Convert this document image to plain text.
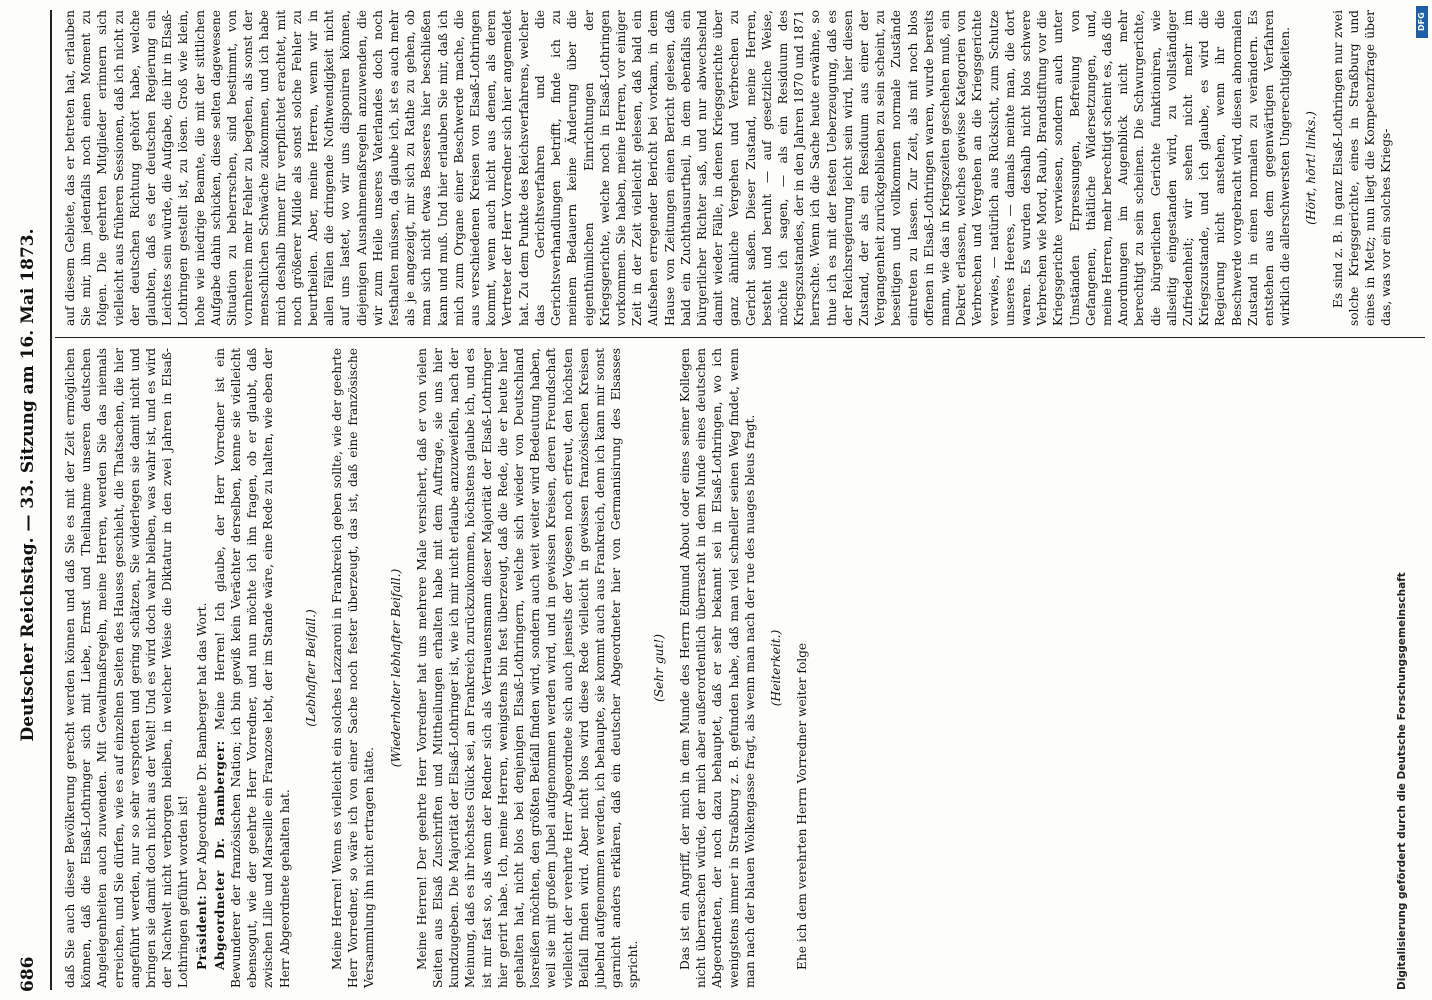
686
Deutscher Reichstag. — 33. Sitzung am 16. Mai 1873.	daß Sie auch dieser Bevölkerung gerecht werden können und daß Sie es mit der Zeit ermöglichen können, daß die Elsaß-Lothringer sich mit Liebe, Ernst und Theilnahme unseren deutschen Angelegenheiten auch zuwenden. Mit Gewaltmaßregeln, meine Herren, werden Sie das niemals erreichen, und Sie dürfen, wie es auf einzelnen Seiten des Hauses geschieht, die Thatsachen, die hier angeführt werden, nur so sehr verspotten und gering schätzen, Sie widerlegen sie damit nicht und bringen sie damit doch nicht aus der Welt! Und es wird doch wahr bleiben, was wahr ist, und es wird der Nachwelt nicht verborgen bleiben, in welcher Weise die Diktatur in den zwei Jahren in Elsaß-Lothringen geführt worden ist! Präsident: Der Abgeordnete Dr. Bamberger hat das Wort. Abgeordneter Dr. Bamberger: Meine Herren! Ich glaube, der Herr Vorredner ist ein Bewunderer der französischen Nation; ich bin gewiß kein Verächter derselben, kenne sie vielleicht ebensogut, wie der geehrte Herr Vorredner, und nun möchte ich ihn fragen, ob er glaubt, daß zwischen Lille und Marseille ein Franzose lebt, der im Stande wäre, eine Rede zu halten, wie eben der Herr Abgeordnete gehalten hat.

(Lebhafter Beifall.) Meine Herren! Wenn es vielleicht ein solches Lazzaroni in Frankreich geben sollte, wie der geehrte Herr Vorredner, so wäre ich von einer Sache noch fester überzeugt, das ist, daß eine französische Versammlung ihn nicht ertragen hätte.

(Wiederholter lebhafter Beifall.) Meine Herren! Der geehrte Herr Vorredner hat uns mehrere Male versichert, daß er von vielen Seiten aus Elsaß Zuschriften und Mittheilungen erhalten habe mit dem Auftrage, sie uns hier kundzugeben. Die Majorität der Elsaß-Lothringer ist, wie ich mir nicht erlaube anzuzweifeln, nach der Meinung, daß es ihr höchstes Glück sei, an Frankreich zurückzukommen, höchstens glaube ich, und es ist mir fast so, als wenn der Redner sich als Vertrauensmann dieser Majorität der Elsaß-Lothringer hier gerirt habe. Ich, meine Herren, wenigstens bin fest überzeugt, daß die Rede, die er heute hier gehalten hat, nicht blos bei denjenigen Elsaß-Lothringern, welche sich wieder von Deutschland losreißen möchten, den größten Beifall finden wird, sondern auch weit weiter wird Bedeutung haben, weil sie mit großem Jubel aufgenommen werden wird, und in gewissen Kreisen, deren Freundschaft vielleicht der verehrte Herr Abgeordnete sich auch jenseits der Vogesen noch erfreut, den höchsten Beifall finden wird. Aber nicht blos wird diese Rede vielleicht in gewissen französischen Kreisen jubelnd aufgenommen werden, ich behaupte, sie kommt auch aus Frankreich, denn ich kann mir sonst garnicht anders erklären, daß ein deutscher Abgeordneter hier von Germanisirung des Elsasses spricht.

(Sehr gut!) Das ist ein Angriff, der mich in dem Munde des Herrn Edmund About oder eines seiner Kollegen nicht überraschen würde, der mich aber außerordentlich überrascht in dem Munde eines deutschen Abgeordneten, der noch dazu behauptet, daß er sehr bekannt sei in Elsaß-Lothringen, wo ich wenigstens immer in Straßburg z. B. gefunden habe, daß man viel schneller seinen Weg findet, wenn man nach der blauen Wolkengasse fragt, als wenn man nach der rue des nuages bleus fragt. (Heiterkeit.) Ehe ich dem verehrten Herrn Vorredner weiter folge

auf diesem Gebiete, das er betreten hat, erlauben Sie mir, ihm jedenfalls noch einen Moment zu folgen. Die geehrten Mitglieder erinnern sich vielleicht aus früheren Sessionen, daß ich nicht zu der deutschen Richtung gehört habe, welche glaubten, daß es der deutschen Regierung ein Leichtes sein würde, die Aufgabe, die ihr in Elsaß-Lothringen gestellt ist, zu lösen. Groß wie klein, hohe wie niedrige Beamte, die mit der sittlichen Aufgabe dahin schicken, diese selten dagewesene Situation zu beherrschen, sind bestimmt, von vornherein mehr Fehler zu begehen, als sonst der menschlichen Schwäche zukommen, und ich habe mich deshalb immer für verpflichtet erachtet, mit noch größerer Milde als sonst solche Fehler zu beurtheilen. Aber, meine Herren, wenn wir in allen Fällen die dringende Nothwendigkeit nicht auf uns lastet, wo wir uns disponiren können, diejenigen Ausnahmemaßregeln anzuwenden, die wir zum Heile unseres Vaterlandes doch noch festhalten müssen, da glaube ich, ist es auch mehr als je angezeigt, mir sich zu Rathe zu gehen, ob man sich nicht etwas Besseres hier beschließen kann und muß. Und hier erlauben Sie mir, daß ich mich zum Organe einer Beschwerde mache, die aus verschiedenen Kreisen von Elsaß-Lothringen kommt, wenn auch nicht aus denen, als deren Vertreter der Herr Vorredner sich hier angemeldet hat. Zu dem Punkte des Reichsverfahrens, welcher das Gerichtsverfahren und die Gerichtsverhandlungen betrifft, finde ich zu meinem Bedauern keine Änderung über die eigenthümlichen Einrichtungen der Kriegsgerichte, welche noch in Elsaß-Lothringen vorkommen. Sie haben, meine Herren, vor einiger Zeit in der Zeit vielleicht gelesen, daß bald ein Aufsehen erregender Bericht bei vorkam, in dem Hause von Zeitungen einen Bericht gelesen, daß bald ein Zuchthausurtheil, in dem ebenfalls ein bürgerlicher Richter saß, und nur abwechselnd damit wieder Fälle, in denen Kriegsgerichte über ganz ähnliche Vergehen und Verbrechen zu Gericht saßen. Dieser Zustand, meine Herren, besteht und beruht — auf gesetzliche Weise, möchte ich sagen, — als ein Residuum des Kriegszustandes, der in den Jahren 1870 und 1871 herrschte. Wenn ich die Sache heute erwähne, so thue ich es mit der festen Ueberzeugung, daß es der Reichsregierung leicht sein wird, hier diesen Zustand, der als ein Residuum aus einer der Vergangenheit zurückgeblieben zu sein scheint, zu beseitigen und vollkommen normale Zustände eintreten zu lassen. Zur Zeit, als mit noch blos offenen in Elsaß-Lothringen waren, wurde bereits mann, wie das in Kriegszeiten geschehen muß, ein Dekret erlassen, welches gewisse Kategorien von Verbrechen und Vergehen an die Kriegsgerichte verwies, — natürlich aus Rücksicht, zum Schutze unseres Heeres, — damals meinte man, die dort waren. Es wurden deshalb nicht blos schwere Verbrechen wie Mord, Raub, Brandstiftung vor die Kriegsgerichte verwiesen, sondern auch unter Umständen Erpressungen, Befreiung von Gefangenen, thätliche Widersetzungen, und, meine Herren, mehr berechtigt scheint es, daß die Anordnungen im Augenblick nicht mehr berechtigt zu sein scheinen. Die Schwurgerichte, die bürgerlichen Gerichte funktioniren, wie allseitig eingestanden wird, zu vollständiger Zufriedenheit; wir sehen nicht mehr im Kriegszustande, und ich glaube, es wird die Regierung nicht anstehen, wenn ihr die Beschwerde vorgebracht wird, diesen abnormalen Zustand in einen normalen zu verändern. Es entstehen aus dem gegenwärtigen Verfahren wirklich die allerschwersten Ungerechtigkeiten. (Hört, hört! links.) Es sind z. B. in ganz Elsaß-Lothringen nur zwei solche Kriegsgerichte, eines in Straßburg und eines in Metz; nun liegt die Kompetenzfrage über das, was vor ein solches Kriegs-

Digitalisierung gefördert durch die Deutsche Forschungsgemeinschaft
DFG
